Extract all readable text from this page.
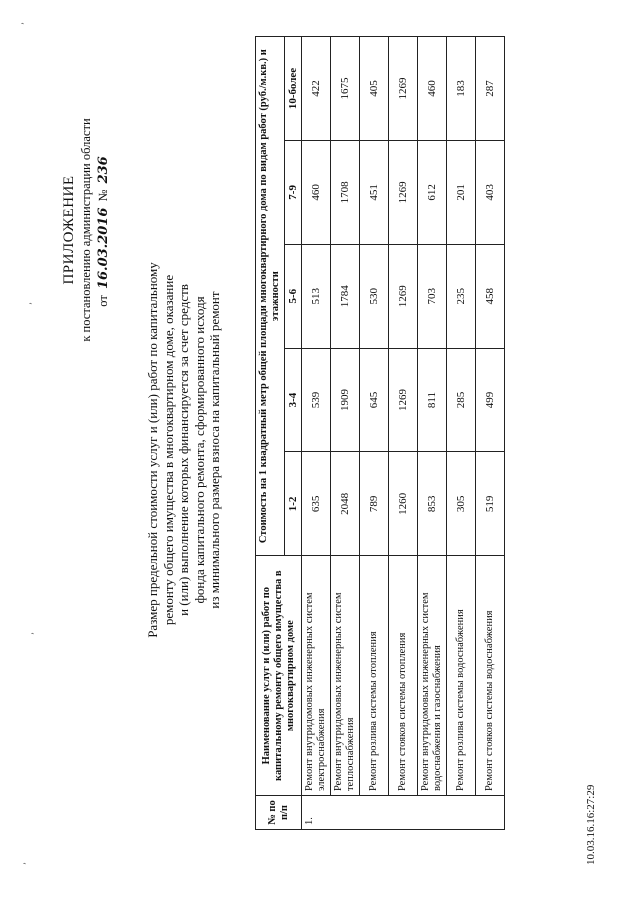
ПРИЛОЖЕНИЕ к постановлению администрации области от 16.03.2016 № 236
Размер предельной стоимости услуг и (или) работ по капитальному ремонту общего имущества в многоквартирном доме, оказание и (или) выполнение которых финансируется за счет средств фонда капитального ремонта, сформированного исходя из минимального размера взноса на капитальный ремонт
№ по п/п	Наименование услуг и (или) работ по капитальному ремонту общего имущества в многоквартирном доме	Стоимость на 1 квадратный метр общей площади многоквартирного дома по видам работ (руб./м.кв.) и этажности				
		1-2	3-4	5-6	7-9	10-более
1.	Ремонт внутридомовых инженерных систем электроснабжения	635	539	513	460	422
	Ремонт внутридомовых инженерных систем теплоснабжения	2048	1909	1784	1708	1675
	Ремонт розлива системы отопления	789	645	530	451	405
	Ремонт стояков системы отопления	1260	1269	1269	1269	1269
	Ремонт внутридомовых инженерных систем водоснабжения и газоснабжения	853	811	703	612	460
	Ремонт розлива системы водоснабжения	305	285	235	201	183
	Ремонт стояков системы водоснабжения	519	499	458	403	287
10.03.16.16:27:29
’
’
’
’
